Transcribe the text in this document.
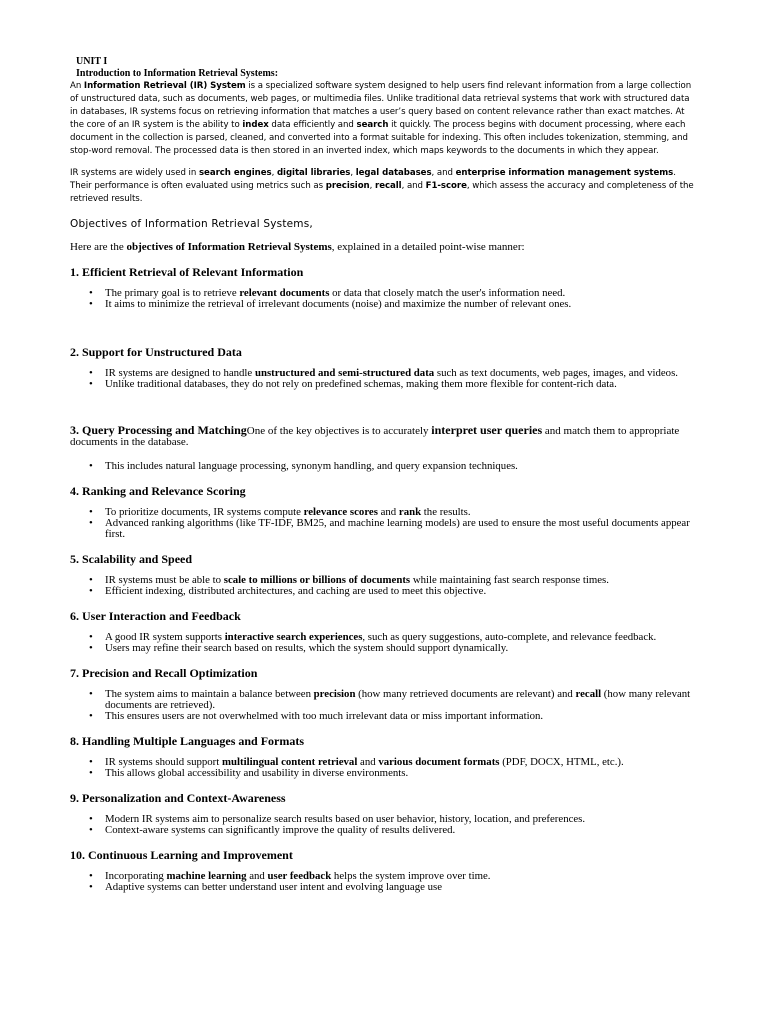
UNIT I
Introduction to Information Retrieval Systems:

An Information Retrieval (IR) System is a specialized software system designed to help users find relevant information from a large collection of unstructured data, such as documents, web pages, or multimedia files. Unlike traditional data retrieval systems that work with structured data in databases, IR systems focus on retrieving information that matches a user’s query based on content relevance rather than exact matches. At the core of an IR system is the ability to index data efficiently and search it quickly. The process begins with document processing, where each document in the collection is parsed, cleaned, and converted into a format suitable for indexing. This often includes tokenization, stemming, and stop-word removal. The processed data is then stored in an inverted index, which maps keywords to the documents in which they appear.

IR systems are widely used in search engines, digital libraries, legal databases, and enterprise information management systems. Their performance is often evaluated using metrics such as precision, recall, and F1-score, which assess the accuracy and completeness of the retrieved results.

Objectives of Information Retrieval Systems,
Here are the objectives of Information Retrieval Systems, explained in a detailed point-wise manner:
1. Efficient Retrieval of Relevant Information
• The primary goal is to retrieve relevant documents or data that closely match the user's information need.
• It aims to minimize the retrieval of irrelevant documents (noise) and maximize the number of relevant ones.
2. Support for Unstructured Data
• IR systems are designed to handle unstructured and semi-structured data such as text documents, web pages, images, and videos.
• Unlike traditional databases, they do not rely on predefined schemas, making them more flexible for content-rich data.

3. Query Processing and MatchingOne of the key objectives is to accurately interpret user queries and match them to appropriate documents in the database.

• This includes natural language processing, synonym handling, and query expansion techniques.
4. Ranking and Relevance Scoring
• To prioritize documents, IR systems compute relevance scores and rank the results.
• Advanced ranking algorithms (like TF-IDF, BM25, and machine learning models) are used to ensure the most useful documents appear first.
5. Scalability and Speed
• IR systems must be able to scale to millions or billions of documents while maintaining fast search response times.
• Efficient indexing, distributed architectures, and caching are used to meet this objective.
6. User Interaction and Feedback
• A good IR system supports interactive search experiences, such as query suggestions, auto-complete, and relevance feedback.
• Users may refine their search based on results, which the system should support dynamically.
7. Precision and Recall Optimization
• The system aims to maintain a balance between precision (how many retrieved documents are relevant) and recall (how many relevant documents are retrieved).
• This ensures users are not overwhelmed with too much irrelevant data or miss important information.
8. Handling Multiple Languages and Formats
• IR systems should support multilingual content retrieval and various document formats (PDF, DOCX, HTML, etc.).
• This allows global accessibility and usability in diverse environments.
9. Personalization and Context-Awareness
• Modern IR systems aim to personalize search results based on user behavior, history, location, and preferences.
• Context-aware systems can significantly improve the quality of results delivered.
10. Continuous Learning and Improvement
• Incorporating machine learning and user feedback helps the system improve over time.
• Adaptive systems can better understand user intent and evolving language use
